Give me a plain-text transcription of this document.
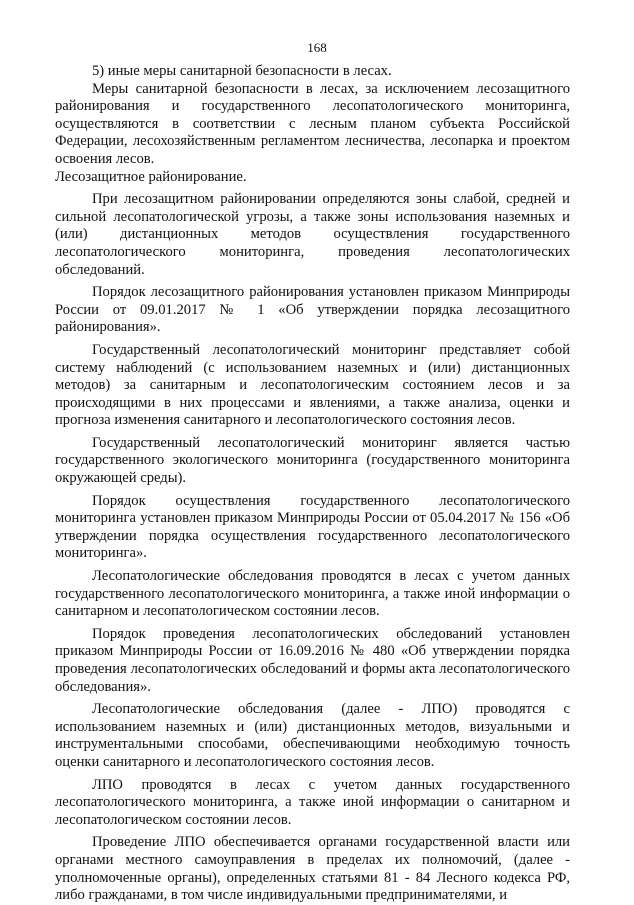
168

5) иные меры санитарной безопасности в лесах.

Меры санитарной безопасности в лесах, за исключением лесозащитного районирования и государственного лесопатологического мониторинга, осуществляются в соответствии с лесным планом субъекта Российской Федерации, лесохозяйственным регламентом лесничества, лесопарка и проектом освоения лесов.

Лесозащитное районирование.

При лесозащитном районировании определяются зоны слабой, средней и сильной лесопатологической угрозы, а также зоны использования наземных и (или) дистанционных методов осуществления государственного лесопатологического мониторинга, проведения лесопатологических обследований.

Порядок лесозащитного районирования установлен приказом Минприроды России от 09.01.2017 № 1 «Об утверждении порядка лесозащитного районирования».

Государственный лесопатологический мониторинг представляет собой систему наблюдений (с использованием наземных и (или) дистанционных методов) за санитарным и лесопатологическим состоянием лесов и за происходящими в них процессами и явлениями, а также анализа, оценки и прогноза изменения санитарного и лесопатологического состояния лесов.

Государственный лесопатологический мониторинг является частью государственного экологического мониторинга (государственного мониторинга окружающей среды).

Порядок осуществления государственного лесопатологического мониторинга установлен приказом Минприроды России от 05.04.2017 № 156 «Об утверждении порядка осуществления государственного лесопатологического мониторинга».

Лесопатологические обследования проводятся в лесах с учетом данных государственного лесопатологического мониторинга, а также иной информации о санитарном и лесопатологическом состоянии лесов.

Порядок проведения лесопатологических обследований установлен приказом Минприроды России от 16.09.2016 № 480 «Об утверждении порядка проведения лесопатологических обследований и формы акта лесопатологического обследования».

Лесопатологические обследования (далее - ЛПО) проводятся с использованием наземных и (или) дистанционных методов, визуальными и инструментальными способами, обеспечивающими необходимую точность оценки санитарного и лесопатологического состояния лесов.

ЛПО проводятся в лесах с учетом данных государственного лесопатологического мониторинга, а также иной информации о санитарном и лесопатологическом состоянии лесов.

Проведение ЛПО обеспечивается органами государственной власти или органами местного самоуправления в пределах их полномочий, (далее - уполномоченные органы), определенных статьями 81 - 84 Лесного кодекса РФ, либо гражданами, в том числе индивидуальными предпринимателями, и
